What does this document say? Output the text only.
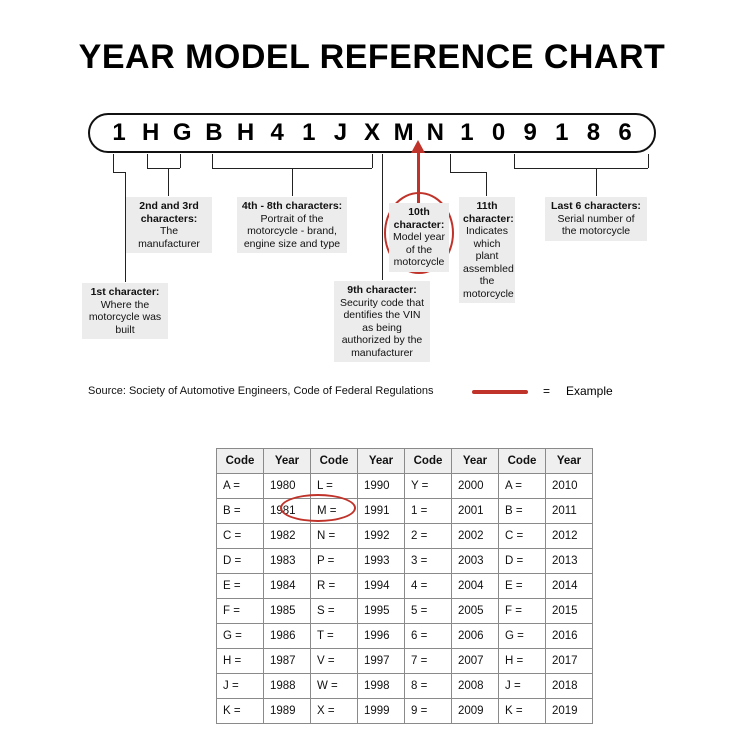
YEAR MODEL REFERENCE CHART
1 H G B H 4 1 J X M N 1 0 9 1 8 6
1st character:
Where the motorcycle was built
2nd and 3rd characters:
The manufacturer
4th - 8th characters:
Portrait of the motorcycle - brand, engine size and type
9th character:
Security code that dentifies the VIN as being authorized by the manufacturer
10th character:
Model year of the motorcycle
11th character:
Indicates which plant assembled the motorcycle
Last 6 characters:
Serial number of the motorcycle
Source: Society of Automotive Engineers, Code of Federal Regulations	= Example
Code	Year	Code	Year	Code	Year	Code	Year
A =	1980	L =	1990	Y =	2000	A =	2010
B =	1981	M =	1991	1 =	2001	B =	2011
C =	1982	N =	1992	2 =	2002	C =	2012
D =	1983	P =	1993	3 =	2003	D =	2013
E =	1984	R =	1994	4 =	2004	E =	2014
F =	1985	S =	1995	5 =	2005	F =	2015
G =	1986	T =	1996	6 =	2006	G =	2016
H =	1987	V =	1997	7 =	2007	H =	2017
J =	1988	W =	1998	8 =	2008	J =	2018
K =	1989	X =	1999	9 =	2009	K =	2019
